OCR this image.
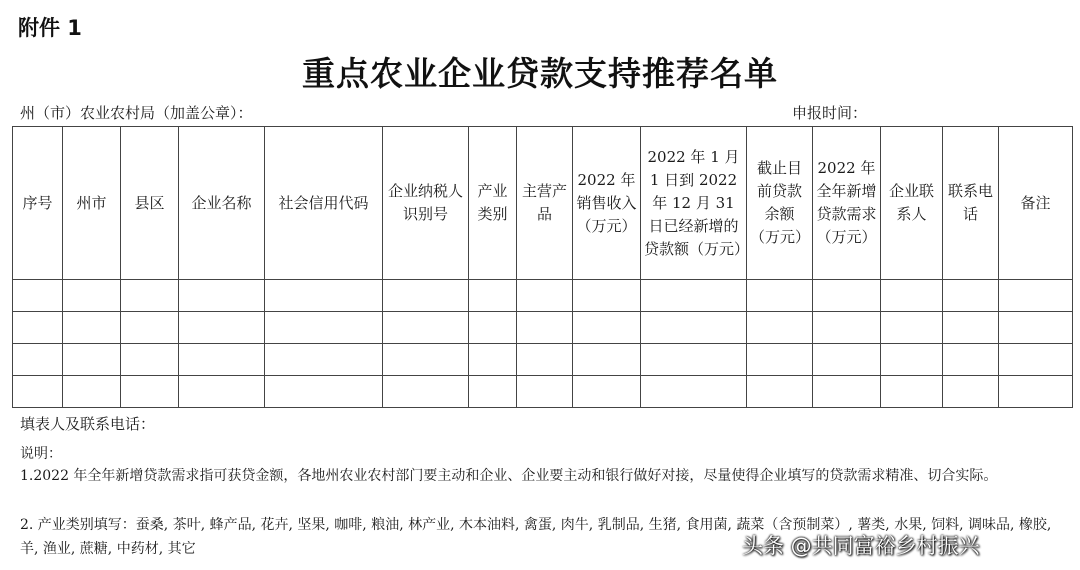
附件 1
重点农业企业贷款支持推荐名单
州（市）农业农村局（加盖公章）：	申报时间：
序号	州市	县区	企业名称	社会信用代码	企业纳税人识别号	产业类别	主营产品	2022 年销售收入（万元）	2022 年 1 月 1 日到 2022 年 12 月 31 日已经新增的贷款额（万元）	截止目前贷款余额（万元）	2022 年全年新增贷款需求（万元）	企业联系人	联系电话	备注

填表人及联系电话：
说明：
1.2022 年全年新增贷款需求指可获贷金额，各地州农业农村部门要主动和企业、企业要主动和银行做好对接，尽量使得企业填写的贷款需求精准、切合实际。
2. 产业类别填写：蚕桑, 茶叶, 蜂产品, 花卉, 坚果, 咖啡, 粮油, 林产业, 木本油料, 禽蛋, 肉牛, 乳制品, 生猪, 食用菌, 蔬菜（含预制菜）, 薯类, 水果, 饲料, 调味品, 橡胶, 羊, 渔业, 蔗糖, 中药材, 其它	头条 @共同富裕乡村振兴
